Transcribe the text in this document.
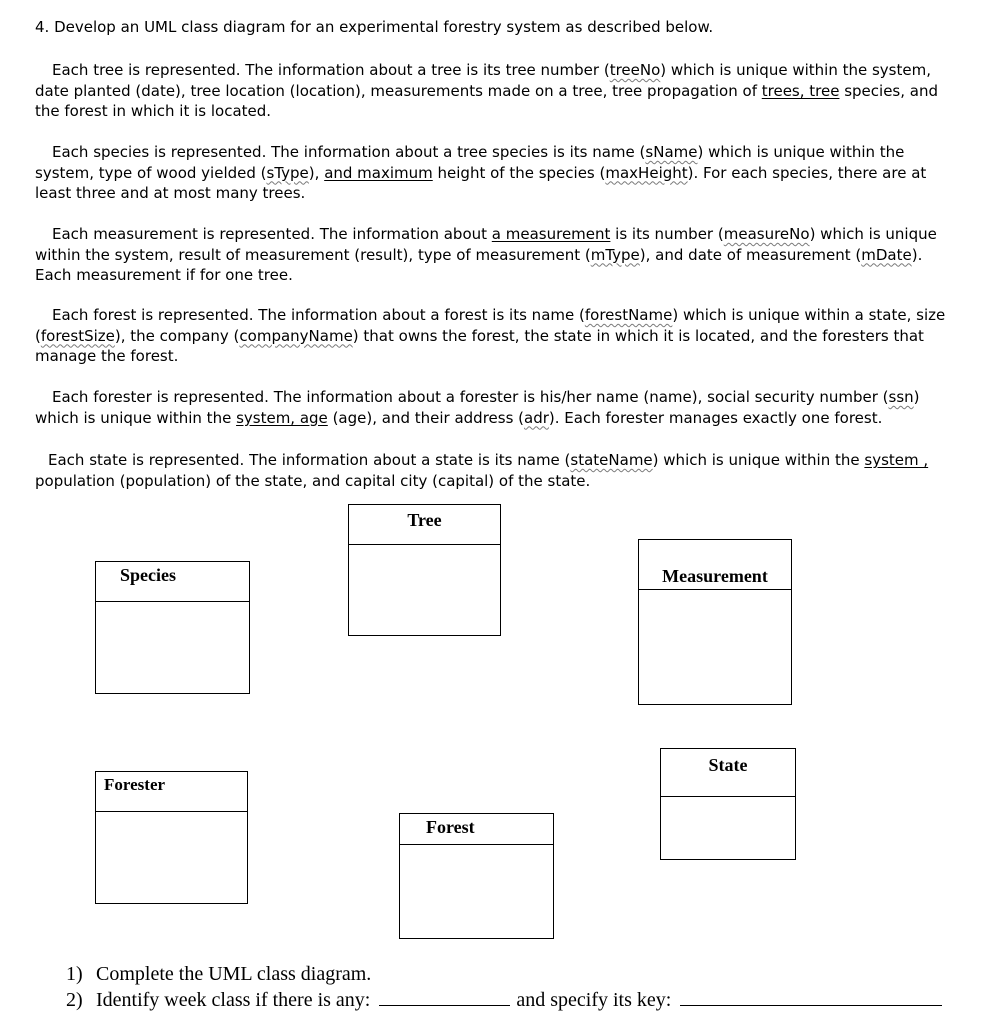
4. Develop an UML class diagram for an experimental forestry system as described below.

Each tree is represented. The information about a tree is its tree number (treeNo) which is unique within the system, date planted (date), tree location (location), measurements made on a tree, tree propagation of trees, tree species, and the forest in which it is located.

Each species is represented. The information about a tree species is its name (sName) which is unique within the system, type of wood yielded (sType), and maximum height of the species (maxHeight). For each species, there are at least three and at most many trees.

Each measurement is represented. The information about a measurement is its number (measureNo) which is unique within the system, result of measurement (result), type of measurement (mType), and date of measurement (mDate). Each measurement if for one tree.

Each forest is represented. The information about a forest is its name (forestName) which is unique within a state, size (forestSize), the company (companyName) that owns the forest, the state in which it is located, and the foresters that manage the forest.

Each forester is represented. The information about a forester is his/her name (name), social security number (ssn) which is unique within the system, age (age), and their address (adr). Each forester manages exactly one forest.

Each state is represented. The information about a state is its name (stateName) which is unique within the system , population (population) of the state, and capital city (capital) of the state.

Tree
Species	Measurement
State
Forester
Forest
1) Complete the UML class diagram.
2) Identify week class if there is any:	and specify its key:
